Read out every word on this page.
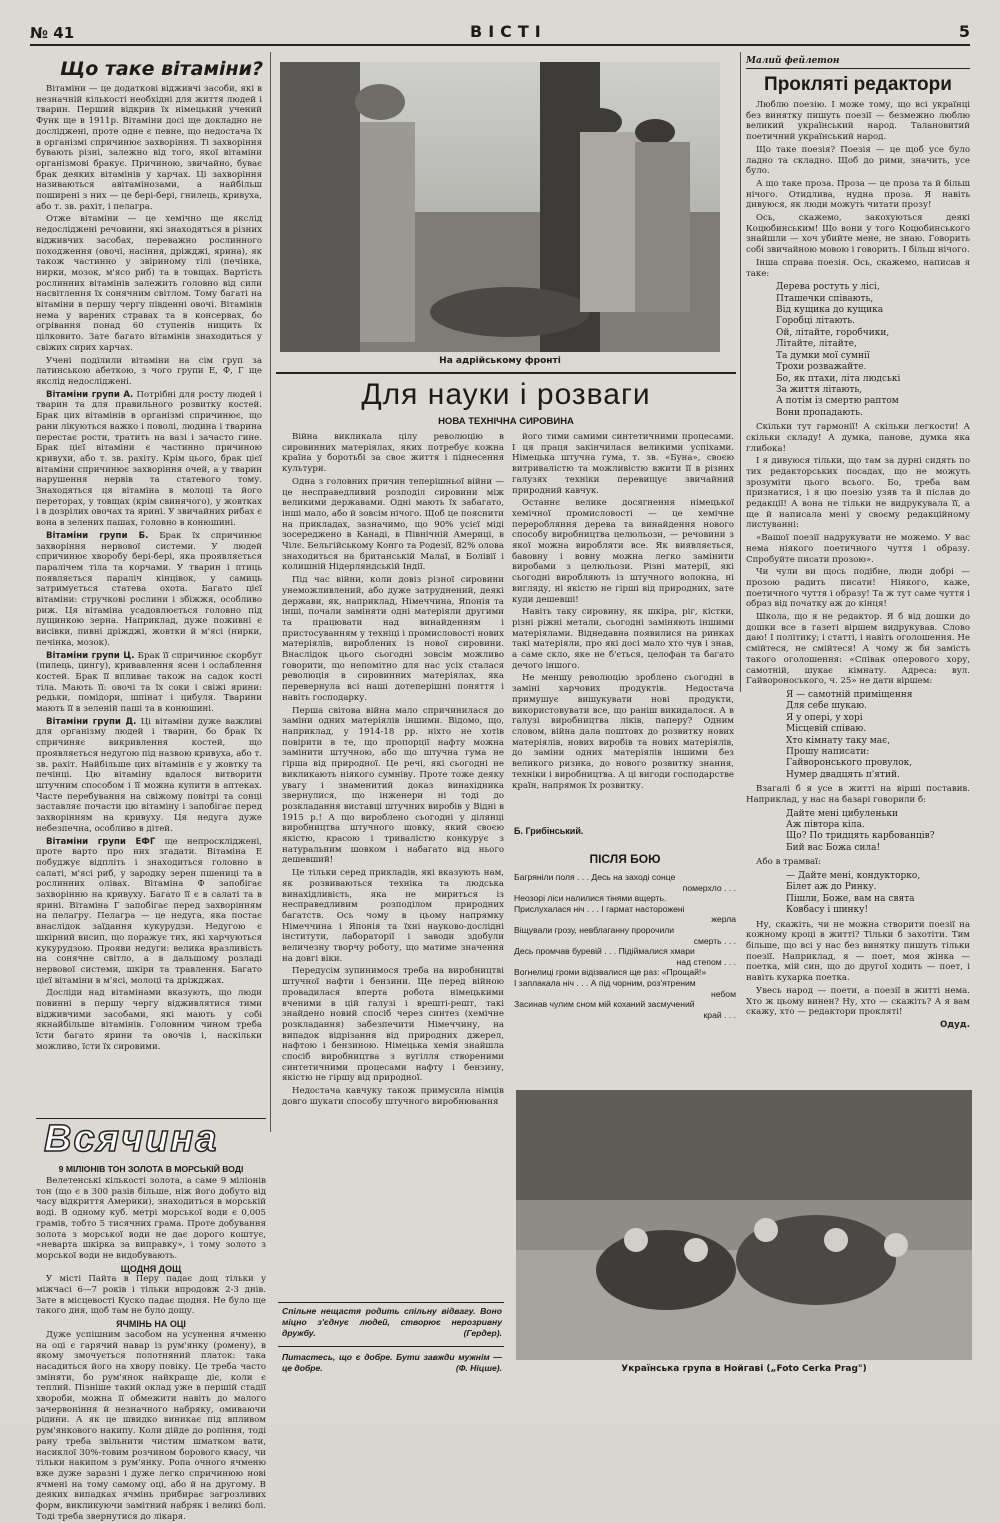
№ 41	ВІСТІ	5
Що таке вітаміни?

Вітаміни — це додаткові відживчі засоби, які в незначній кількості необхідні для життя людей і тварин. Перший відкрив їх німецький учений Функ ще в 1911р. Вітаміни досі ще докладно не досліджені, проте одне є певне, що недостача їх в організмі спричинює захворіння. Ті захворіння бувають різні, залежно від того, якої вітаміни організмові бракує. Причиною, звичайно, буває брак деяких вітамінів у харчах. Ці захворіння називаються авітамінозами, а найбільш поширені з них — це бері-бері, гнилець, кривуха, або т. зв. рахіт, і пелагра.

Отже вітаміни — це хемічно ще якслід недосліджені речовини, які знаходяться в різних відживчих засобах, переважно рослинного походження (овочі, насіння, дріжджі, ярина), як також частинно у звіриному тілі (печінка, нирки, мозок, м'ясо риб) та в товщах. Вартість рослинних вітамінів залежить головно від сили насвітлення їх сонячним світлом. Тому багаті на вітаміни в першу чергу південні овочі. Вітамінів нема у варених стравах та в консервах, бо огрівання понад 60 ступенів нищить їх цілковито. Зате багато вітамінів знаходиться у свіжих сирих харчах.

Учені поділили вітаміни на сім груп за латинською абеткою, з чого групи Е, Ф, Г ще якслід недосліджені.

Вітаміни групи А. Потрібні для росту людей і тварин та для правильного розвитку костей. Брак цих вітамінів в організмі спричинює, що рани лікуються важко і поволі, людина і тварина перестає рости, тратить на вазі і зачасто гине. Брак цієї вітаміни є частинно причиною кривухи, або т. зв. рахіту. Крім цього, брак цієї вітаміни спричинює захворіння очей, а у тварин нарушення нервів та статевого тому. Знаходяться ця вітаміна в молоці та його переторах, у товщах (крім свинячого), у жовтках і в дозрілих овочах та ярині. У звичайних рибах є вона в зелених пашах, головно в конюшині.

Вітаміни групи Б. Брак їх спричинює захворіння нервової системи. У людей спричинює хворобу бері-бері, яка проявляється паралічем тіла та корчами. У тварин і птиць появляється параліч кінцівок, у самиць затримується статева охота. Багато цієї вітаміни: стручкові рослини і збіжжя, особливо риж. Ця вітаміна усадовлюється головно під лущинкою зерна. Наприклад, дуже поживні є висівки, пивні дріжджі, жовтки й м'ясі (нирки, печінка, мозок).

Вітаміни групи Ц. Брак її спричинює скорбут (пилець, цингу), кривавлення ясен і ослаблення костей. Брак її впливає також на садок кості тіла. Мають її: овочі та їх соки і свіжі ярини: редьки, помідори, шпінат і цибуля. Тварини мають її в зеленій паші та в конюшині.

Вітаміни групи Д. Ці вітаміни дуже важливі для організму людей і тварин, бо брак їх спричиняє викривлення костей, що проявляється недугою під назвою кривуха, або т. зв. рахіт. Найбільше цих вітамінів є у жовтку та печінці. Цю вітаміну вдалося витворити штучним способом і її можна купити в аптеках. Часте перебування на свіжому повітрі та сонці заставляє почасти цю вітаміну і запобігає перед захворінням на кривуху. Ця недуга дуже небезпечна, особливо в дітей.

Вітаміни групи ЕФГ ще непроскліджені, проте варто про них згадати. Вітаміна Е побуджує відпліть і знаходиться головно в салаті, м'ясі риб, у зародку зерен пшениці та в рослинних олівах. Вітаміна Ф запобігає захворінню на кривуху. Багато її є в салаті та в ярині. Вітаміна Г запобігає перед захворінням на пелагру. Пелагра — це недуга, яка постає внаслідок заїдання кукурудзи. Недугою є шкірний висип, що поражує тих, які харчуються кукурудзою. Прояви недуги: велика вразливість на сонячне світло, а в дальшому розладі нервової системи, шкіри та травлення. Багато цієї вітаміни в м'ясі, молоці та дріжджах.

Досліди над вітамінами вказують, що люди повинні в першу чергу відживлятися тими відживчими засобами, які мають у собі якнайбільше вітамінів. Головним чином треба їсти багато ярини та овочів і, наскільки можливо, їсти їх сировими.

На адрійському фронті
Для науки і розваги
НОВА ТЕХНІЧНА СИРОВИНА

Війна викликала цілу революцію в сировинних матеріялах, яких потребує кожна країна у боротьбі за своє життя і піднесення культури.

Одна з головних причин теперішньої війни — це несправедливий розподіл сировини між великими державами. Одні мають їх забагато, інші мало, або й зовсім нічого. Щоб це пояснити на прикладах, зазначимо, що 90% усієї міді зосереджено в Канаді, в Північній Америці, в Чілє. Бельгійському Конго та Родезії, 82% олова знаходиться на британській Малаї, в Болівії і колишній Нідерляндській Індії.

Під час війни, коли довіз різної сировини унеможливлений, або дуже затруднений, деякі держави, як, наприклад, Німеччина, Японія та інші, почали заміняти одні матеріяли другими та працювати над винайденням і пристосуванням у техніці і промисловості нових матеріялів, вироблених із нової сировини. Внаслідок цього сьогодні зовсім можливо говорити, що непомітно для нас усіх сталася революція в сировинних матеріялах, яка перевернула всі наші дотеперішні поняття і навіть господарку.

Перша світова війна мало спричинилася до заміни одних матеріялів іншими. Відомо, що, наприклад, у 1914-18 рр. ніхто не хотів повірити в те, що пропорції нафту можна замінити штучною, або що штучна гума не гірша від природної. Це речі, які сьогодні не викликають ніякого сумніву. Проте тоже деяку увагу і знаменитий доказ винахідника звернулися, що інженери ні тоді до розкладання виставці штучних виробів у Відні в 1915 р.! А що вироблено сьогодні у ділянці виробництва штучного шовку, який своєю якістю, красою і тривалістю конкурує з натуральним шовком і набагато від нього дешевший!

Це тільки серед прикладів, які вказують нам, як розвиваються техніка та людська винахідливість, яка не мириться із несправедливим розподілом природних багатств. Ось чому в цьому напрямку Німеччина і Японія та їхні науково-дослідні інститути, лабораторії і заводи здобули величезну творчу роботу, що матиме значення на довгі віки.

Передусім зупинимося треба на виробництві штучної нафти і бензини. Ще перед війною провадилася вперта робота німецькими вченими в цій галузі і врешті-решт, такі знайдено новий спосіб через синтез (хемічне розкладання) забезпечити Німеччину, на випадок відрізання від природних джерел, нафтою і бензиною. Німецька хемія знайшла спосіб виробництва з вугілля створеними синтетичними процесами нафту і бензину, якістю не гіршу від природної.

Недостача кавчуку також примусила німців довго шукати способу штучного виробнювання

його тими самими синтетичними процесами. І ця праця закінчилася великими успіхами. Німецька штучна гума, т. зв. «Буна», своєю витривалістю та можливістю вжити її в різних галузях техніки перевищує звичайний природний кавчук.

Останнє велике досягнення німецької хемічної промисловості — це хемічне переробляння дерева та винайдення нового способу виробництва целюльози, — речовини з якої можна виробляти все. Як виявляється, бавовну і вовну можна легко замінити виробами з целюльози. Різні матерії, які сьогодні виробляють із штучного волокна, ні вигляду, ні якістю не гірші від природних, зате куди дешевші!

Навіть таку сировину, як шкіра, ріг, кістки, різні ріжні метали, сьогодні заміняють іншими матеріялами. Віднедавна появилися на ринках такі матеріяли, про які досі мало хто чув і знав, а саме скло, яке не б'ється, целофан та багато дечого іншого.

Не меншу революцію зроблено сьогодні в заміні харчових продуктів. Недостача примушує вишукувати нові продукти, використовувати все, що раніш викидалося. А в галузі виробництва ліків, паперу? Одним словом, війна дала поштовх до розвитку нових матеріялів, нових виробів та нових матеріялів, до заміни одних матеріялів іншими без великого ризика, до нового розвитку знання, техніки і виробництва. А ці вигоди господарстве країн, напрямок їх розвитку.

Б. Грибінський.
ПІСЛЯ БОЮ
Багряніли поля . . . Десь на заході сонце
померхло . . .
Неозорі ліси налилися тінями вщерть.
Прислухалася ніч . . . І гармат насторожені
жерла
Віщували грозу, невблаганну пророчили
смерть . . .
Десь промчав буревій . . . Підіймалися хмари
над степом . . .
Вогнелиці громи відізвалися ще раз: «Прощай!»
І заплакала ніч . . . А під чорним, роз'ятреним
небом
Засинав чулим сном мій коханий засмучений
край . . .
Малий фейлетон
Прокляті редактори

Люблю поезію. І може тому, що всі українці без винятку пишуть поезії — безмежно люблю великий український народ. Талановитий поетичний український народ.

Що таке поезія? Поезія — це щоб усе було ладно та складно. Щоб до рими, значить, усе було.

А що таке проза. Проза — це проза та й більш нічого. Отидлива, нудна проза. Я навіть дивуюся, як люди можуть читати прозу!

Ось, скажемо, закохуються деякі Коцюбинським! Що вони у того Коцюбинського знайшли — хоч убийте мене, не знаю. Говорить собі звичайною мовою і говорить. І більш нічого.

Інша справа поезія. Ось, скажемо, написав я таке:

Дерева ростуть у лісі,
Пташечки співають,
Від кущика до кущика
Горобці літають.
Ой, літайте, горобчики,
Літайте, літайте,
Та думки мої сумнії
Трохи розважайте.
Бо, як птахи, літа людські
За життя літають,
А потім із смертю раптом
Вони пропадають.

Скільки тут гармонії! А скільки легкости! А скільки складу! А думка, панове, думка яка глибока!

І я дивуюся тільки, що там за дурні сидять по тих редакторських посадах, що не можуть зрозуміти цього всього. Бо, треба вам признатися, і я цю поезію узяв та й післав до редакції! А вона не тільки не видрукувала її, а ще й написала мені у своєму редакційному листуванні:

«Вашої поезії надрукувати не можемо. У вас нема ніякого поетичного чуття і образу. Спробуйте писати прозою».

Чи чули ви щось подібне, люди добрі — прозою радить писати! Ніякого, каже, поетичного чуття і образу! Та ж тут саме чуття і образ від початку аж до кінця!

Школа, що я не редактор. Я б від дошки до дошки все в газеті віршем видрукував. Слово даю! І політику; і статті, і навіть оголошення. Не смійтеся, не смійтеся! А чому ж би замість такого оголошення: «Співак оперового хору, самотній, шукає кімнату. Адреса: вул. Гайвороноського, ч. 25» не дати віршем:

Я — самотній приміщення
Для себе шукаю.
Я у опері, у хорі
Місцевій співаю.
Хто кімнату таку має,
Прошу написати:
Гайворонського провулок,
Нумер двадцять п'ятий.

Взагалі б я усе в житті на віршi поставив. Наприклад, у нас на базарі говорили б:

Дайте мені цибуленьки
Аж півтора кіла.
Що? По тридцять карбованців?
Бий вас Божа сила!

Або в трамваї:

— Дайте мені, кондукторко,
Білет аж до Ринку.
Пішли, Боже, вам на свята
Ковбасу і шинку!

Ну, скажіть, чи не можна створити поезії на кожному кроці в житті? Тільки б захотіти. Тим більше, що всі у нас без винятку пишуть тільки поезії. Наприклад, я — поет, моя жінка — поетка, мій син, що до другої ходить — поет, і навіть кухарка поетка.

Увесь народ — поети, а поезії в житті нема. Хто ж цьому винен? Ну, хто — скажіть? А я вам скажу, хто — редактори прокляті!

Одуд.
Українська група в Нойгаві („Foto Cerka Prag")
Всячина
9 МІЛІОНІВ ТОН ЗОЛОТА В МОРСЬКІЙ ВОДІ

Велетенські кількості золота, а саме 9 міліонів тон (що є в 300 разів більше, ніж його добуто від часу відкриття Америки), знаходиться в морській воді. В одному куб. метрі морської води є 0,005 грамів, тобто 5 тисячних грама. Проте добування золота з морської води не дає дорого коштує, «невартa шкірка за виправку», і тому золото з морської води не видобувають.

ЩОДНЯ ДОЩ

У місті Пайта в Перу падає дощ тільки у міжчасі 6—7 років і тільки впродовж 2-3 днів. Зате в місцевості Куско падає щодня. Не було ще такого дня, щоб там не було дощу.

ЯЧМІНЬ НА ОЦІ

Дуже успішним засобом на усунення ячменю на оці є гарячий навар із рум'янку (ромену), в якому змочується полотняний платок: така насадиться його на хвору повіку. Це треба часто зміняти, бо рум'янок найкраще діє, коли є теплий. Пізніше такий оклад уже в першій стадії хвороби, можна її обмежити навіть до малого зачервоніння й незначного набряку, омиваючи рідини. А як це швидко виникає під впливом рум'янкового накипу. Коли дійде до ропіння, тоді рану треба звільнити чистим шматком вати, насиклої 30%-товим розчином борового квасу, чи тільки накипом з рум'янку. Ропа очного ячменю вже дуже заразні і дуже легко спричинюю нові ячмені на тому самому оці, або й на другому. В деяких випадках ячмінь прибирає загрозливих форм, викликуючи замітний набряк і великі болі. Тоді треба звернутися до лікаря.

Спільне нещастя родить спільну відвагу. Воно міцно з'єднує людей, створює нерозривну дружбу.	(Гердер).
Питастесь, що є добре. Бути завжди мужнім — це добре.	(Ф. Ніцше).
